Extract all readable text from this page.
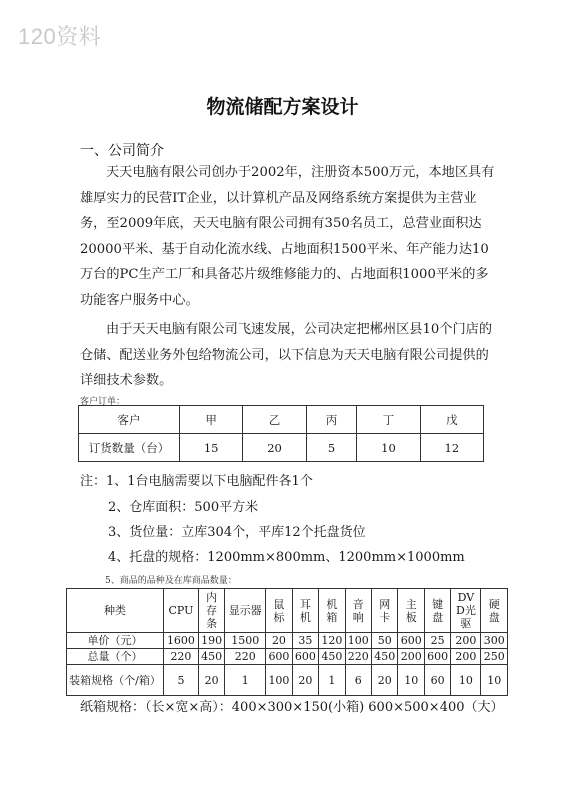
120资料
物流储配方案设计
一、公司简介
天天电脑有限公司创办于2002年，注册资本500万元，本地区具有雄厚实力的民营IT企业，以计算机产品及网络系统方案提供为主营业务，至2009年底，天天电脑有限公司拥有350名员工，总营业面积达20000平米、基于自动化流水线、占地面积1500平米、年产能力达10万台的PC生产工厂和具备芯片级维修能力的、占地面积1000平米的多功能客户服务中心。
由于天天电脑有限公司飞速发展，公司决定把郴州区县10个门店的仓储、配送业务外包给物流公司，以下信息为天天电脑有限公司提供的详细技术参数。
客户订单：
客户	甲	乙	丙	丁	戊
订货数量（台）	15	20	5	10	12
注：1、1台电脑需要以下电脑配件各1个
2、仓库面积：500平方米
3、货位量：立库304个，平库12个托盘货位
4、托盘的规格：1200mm×800mm、1200mm×1000mm
5、商品的品种及在库商品数量：
种类	CPU	内存条	显示器	鼠标	耳机	机箱	音响	网卡	主板	键盘	DVD光驱	硬盘
单价（元）	1600	190	1500	20	35	120	100	50	600	25	200	300
总量（个）	220	450	220	600	600	450	220	450	200	600	200	250
装箱规格（个/箱）	5	20	1	100	20	1	6	20	10	60	10	10
纸箱规格：（长×宽×高）：400×300×150(小箱) 600×500×400（大）
